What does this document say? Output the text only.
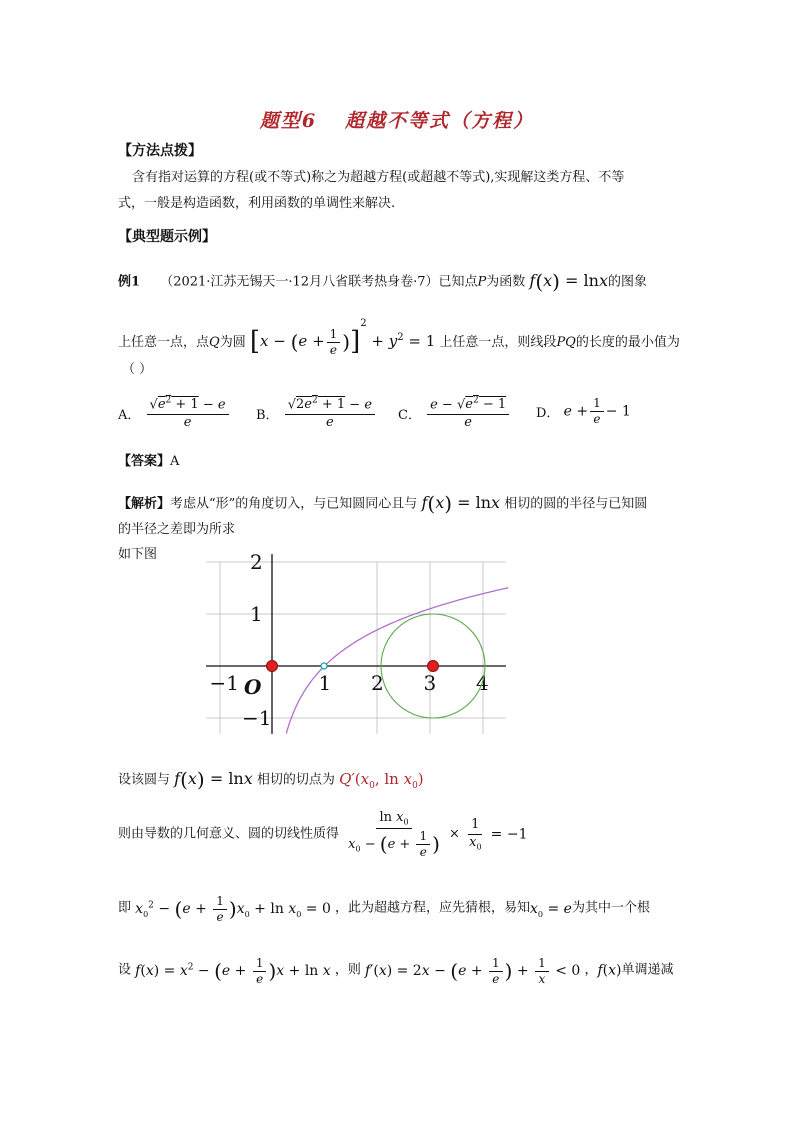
题型6 超越不等式（方程）
【方法点拨】
含有指对运算的方程(或不等式)称之为超越方程(或超越不等式),实现解这类方程、不等
式，一般是构造函数，利用函数的单调性来解决.
【典型题示例】
例1 （2021·江苏无锡天一·12月八省联考热身卷·7）已知点P为函数 f(x) = lnx的图象
上任意一点，点Q为圆 $[x - (e + \frac{1}{e} )]^2 + y^2 = 1$ 上任意一点，则线段PQ的长度的最小值为
（ ）
A． $\frac{√e^2 + 1 - e}{e}$ B． $\frac{√2e^2 + 1 - e}{e}$ C． $\frac{e - √e^2 - 1}{e}$ D． $e + \frac{1}{e} - 1$
【答案】A
【解析】考虑从“形”的角度切入，与已知圆同心且与 f(x) = lnx 相切的圆的半径与已知圆
的半径之差即为所求
如下图	2
1
−1
−1	1 2 3 4
O
设该圆与 f(x) = lnx 相切的切点为 $Q'(x_0$, $\ln x_0$)
则由导数的几何意义、圆的切线性质得 $\frac{\ln x_0}{x_0 - (e + \frac{1}{e} )} \times \frac{1}{x_0} = -1$
即 $x_0^2 - (e + \frac{1}{e} )x_0 + \ln x_0 = 0$ ，此为超越方程，应先猜根，易知$x_0 = e$为其中一个根
设 $f(x) = x^2 - (e + \frac{1}{e} )x + \ln x$ ，则 $f'(x) = 2x - (e + \frac{1}{e}$ ) + $\frac{1}{x} < 0$ ，f(x)单调递减
